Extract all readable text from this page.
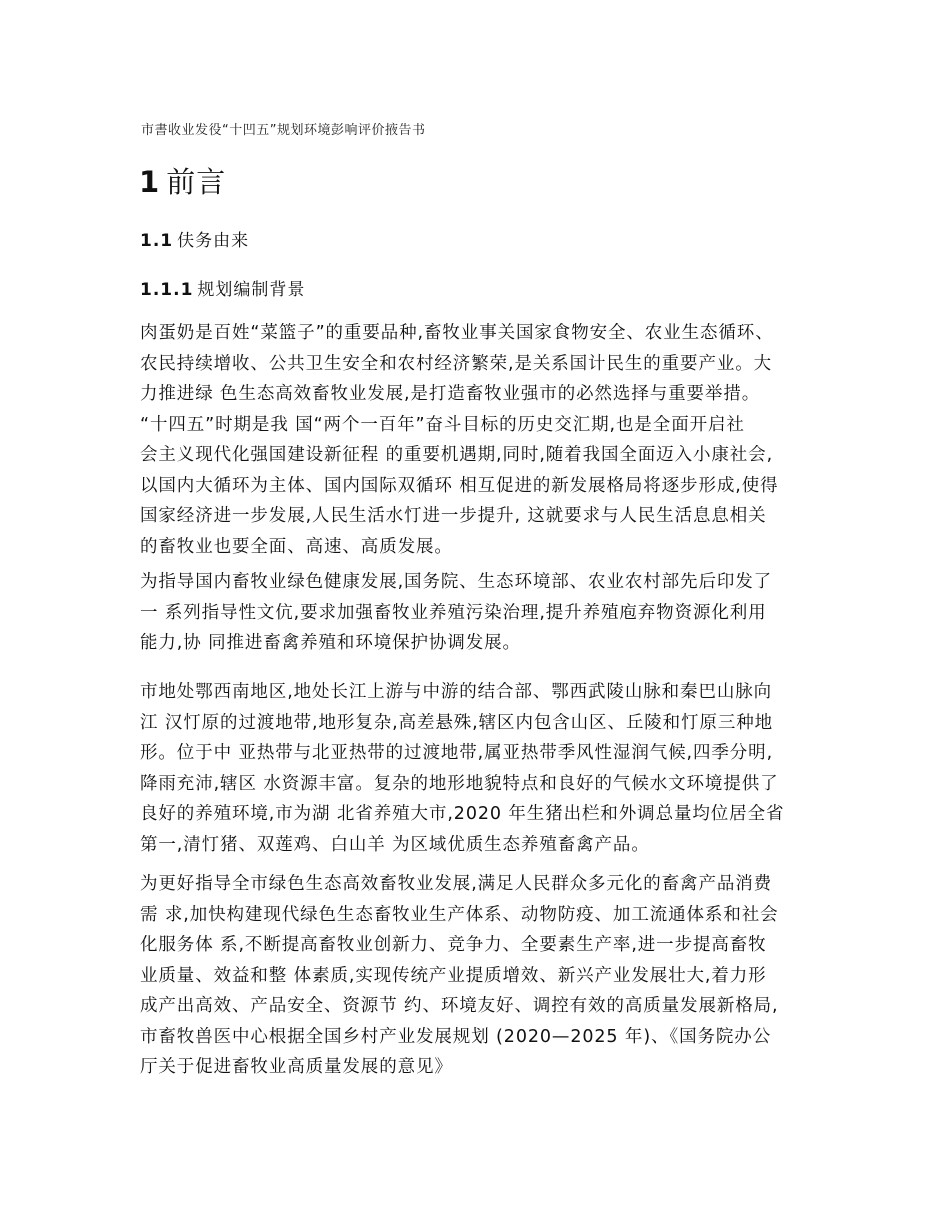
市書收业发役“十凹五”规划环境彭响评价掖告书
1 前言
1.1 伕务由来
1.1.1 规划编制背景
肉蛋奶是百姓“菜篮子”的重要品种,畜牧业事关国家食物安全、农业生态循环、
农民持续增收、公共卫生安全和农村经济繁荣,是关系国计民生的重要产业。大
力推进绿 色生态高效畜牧业发展,是打造畜牧业强市的必然选择与重要举措。
“十四五”时期是我 国“两个一百年”奋斗目标的历史交汇期,也是全面开启社
会主义现代化强国建设新征程 的重要机遇期,同时,随着我国全面迈入小康社会,
以国内大循环为主体、国内国际双循环 相互促进的新发展格局将逐步形成,使得
国家经济进一步发展,人民生活水忊进一步提升, 这就要求与人民生活息息相关
的畜牧业也要全面、高速、高质发展。
为指导国内畜牧业绿色健康发展,国务院、生态环境部、农业农村部先后印发了
一 系列指导性文伉,要求加强畜牧业养殖污染治理,提升养殖庖弃物资源化利用
能力,协 同推进畜禽养殖和环境保护协调发展。
市地处鄂西南地区,地处长江上游与中游的结合部、鄂西武陵山脉和秦巴山脉向
江 汉忊原的过渡地带,地形复杂,高差悬殊,辖区内包含山区、丘陵和忊原三种地
形。位于中 亚热带与北亚热带的过渡地带,属亚热带季风性湿润气候,四季分明,
降雨充沛,辖区 水资源丰富。复杂的地形地貌特点和良好的气候水文环境提供了
良好的养殖环境,市为湖 北省养殖大市,2020 年生猪出栏和外调总量均位居全省
第一,清忊猪、双莲鸡、白山羊 为区域优质生态养殖畜禽产品。
为更好指导全市绿色生态高效畜牧业发展,满足人民群众多元化的畜禽产品消费
需 求,加快构建现代绿色生态畜牧业生产体系、动物防疫、加工流通体系和社会
化服务体 系,不断提高畜牧业创新力、竞争力、全要素生产率,进一步提高畜牧
业质量、效益和整 体素质,实现传统产业提质增效、新兴产业发展壮大,着力形
成产出高效、产品安全、资源节 约、环境友好、调控有效的高质量发展新格局,
市畜牧兽医中心根据全国乡村产业发展规划 (2020—2025 年)、《国务院办公
厅关于促进畜牧业高质量发展的意见》
